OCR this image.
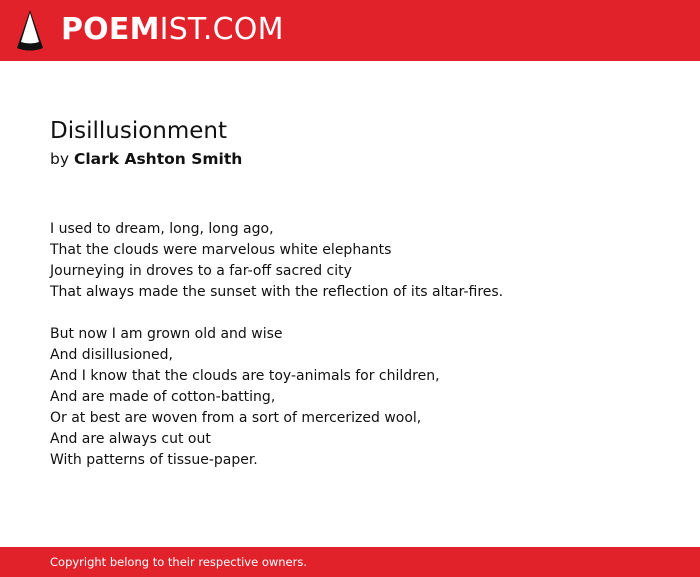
POEMIST.COM
Disillusionment
by Clark Ashton Smith
I used to dream, long, long ago,
That the clouds were marvelous white elephants
Journeying in droves to a far-off sacred city
That always made the sunset with the reflection of its altar-fires.
But now I am grown old and wise
And disillusioned,
And I know that the clouds are toy-animals for children,
And are made of cotton-batting,
Or at best are woven from a sort of mercerized wool,
And are always cut out
With patterns of tissue-paper.
Copyright belong to their respective owners.
